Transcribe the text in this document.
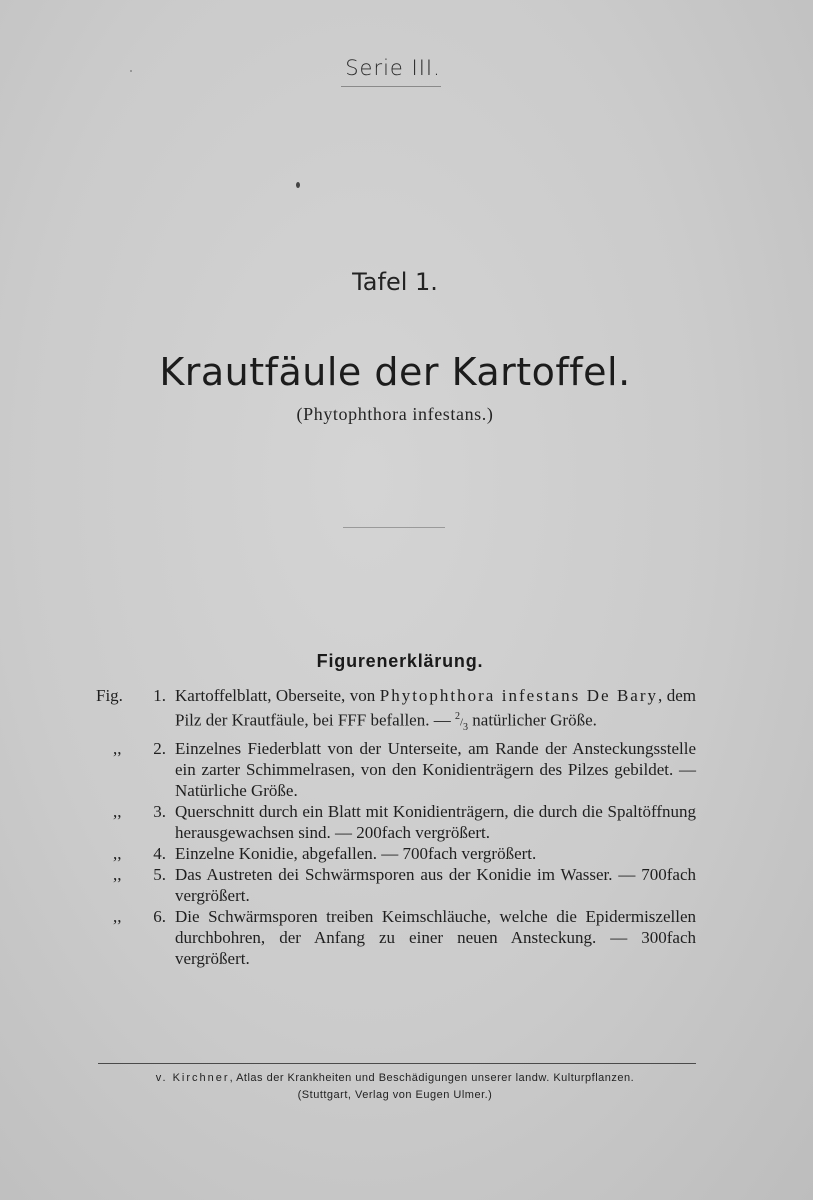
Serie III.
Tafel 1.
Krautfäule der Kartoffel.
(Phytophthora infestans.)
Figurenerklärung.
Fig.	1. Kartoffelblatt, Oberseite, von Phytophthora infestans De Bary, dem Pilz der Krautfäule, bei FFF befallen. — $^2/_3$ natürlicher Größe.
,,	2. Einzelnes Fiederblatt von der Unterseite, am Rande der Ansteckungsstelle ein zarter Schimmelrasen, von den Konidienträgern des Pilzes gebildet. — Natürliche Größe.
,,	3. Querschnitt durch ein Blatt mit Konidienträgern, die durch die Spaltöffnung herausgewachsen sind. — 200fach vergrößert.
,,	4. Einzelne Konidie, abgefallen. — 700fach vergrößert.
,,	5. Das Austreten dei Schwärmsporen aus der Konidie im Wasser. — 700fach vergrößert.
,,	6. Die Schwärmsporen treiben Keimschläuche, welche die Epidermiszellen durchbohren, der Anfang zu einer neuen Ansteckung. — 300fach vergrößert.
v. Kirchner, Atlas der Krankheiten und Beschädigungen unserer landw. Kulturpflanzen.
(Stuttgart, Verlag von Eugen Ulmer.)
